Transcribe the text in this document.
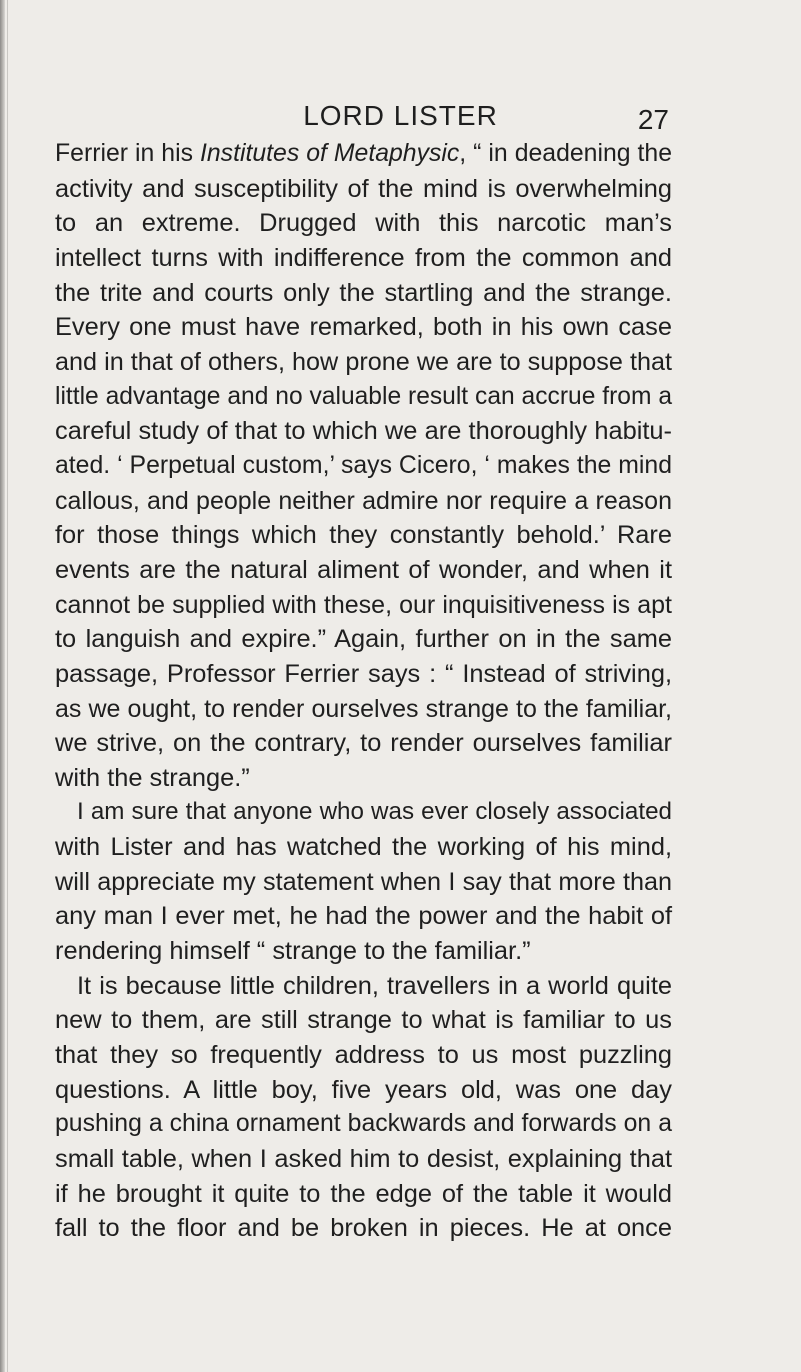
LORD LISTER	27
Ferrier in his Institutes of Metaphysic, “ in deadening the
activity and susceptibility of the mind is overwhelming
to an extreme. Drugged with this narcotic man’s
intellect turns with indifference from the common and
the trite and courts only the startling and the strange.
Every one must have remarked, both in his own case
and in that of others, how prone we are to suppose that
little advantage and no valuable result can accrue from a
careful study of that to which we are thoroughly habitu-
ated. ‘ Perpetual custom,’ says Cicero, ‘ makes the mind
callous, and people neither admire nor require a reason
for those things which they constantly behold.’ Rare
events are the natural aliment of wonder, and when it
cannot be supplied with these, our inquisitiveness is apt
to languish and expire.” Again, further on in the same
passage, Professor Ferrier says : “ Instead of striving,
as we ought, to render ourselves strange to the familiar,
we strive, on the contrary, to render ourselves familiar
with the strange.”
I am sure that anyone who was ever closely associated
with Lister and has watched the working of his mind,
will appreciate my statement when I say that more than
any man I ever met, he had the power and the habit of
rendering himself “ strange to the familiar.”
It is because little children, travellers in a world quite
new to them, are still strange to what is familiar to us
that they so frequently address to us most puzzling
questions. A little boy, five years old, was one day
pushing a china ornament backwards and forwards on a
small table, when I asked him to desist, explaining that
if he brought it quite to the edge of the table it would
fall to the floor and be broken in pieces. He at once
